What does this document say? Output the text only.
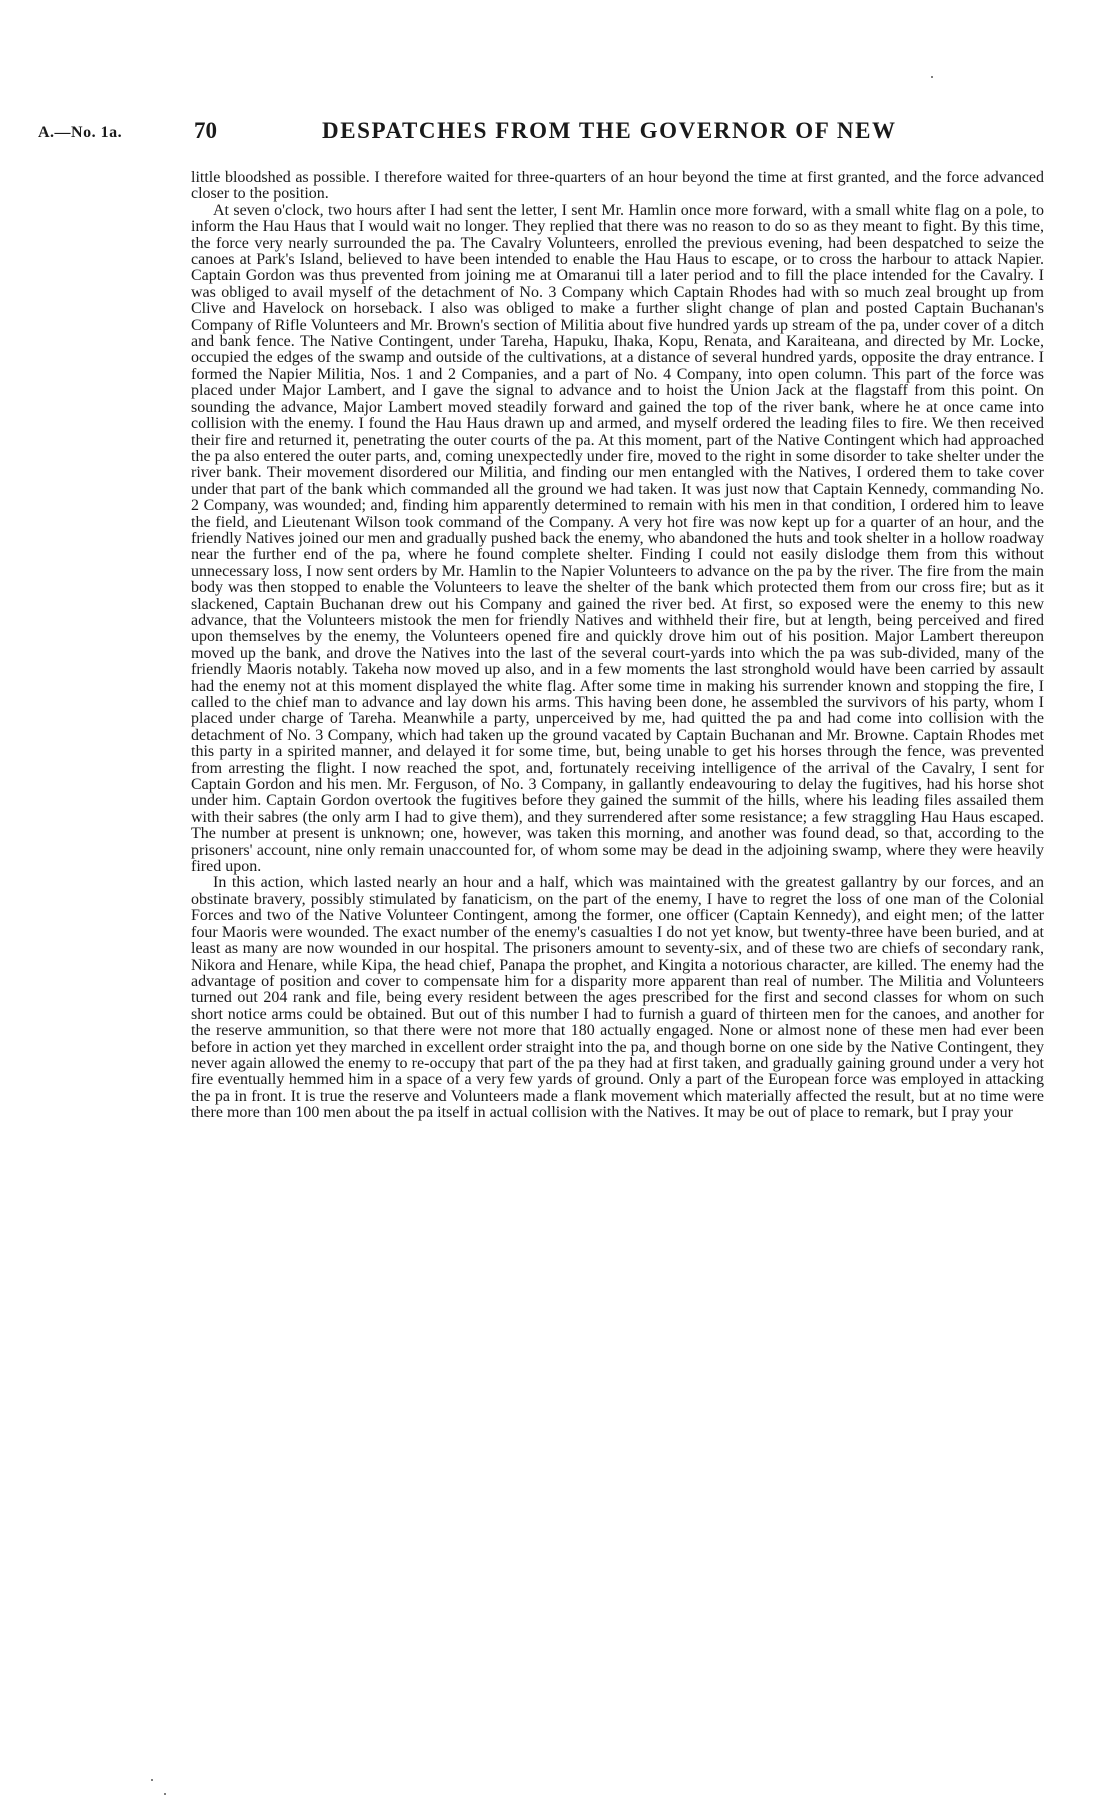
A.—No. 1a.	70	DESPATCHES FROM THE GOVERNOR OF NEW

little bloodshed as possible. I therefore waited for three-quarters of an hour beyond the time at first granted, and the force advanced closer to the position.

At seven o'clock, two hours after I had sent the letter, I sent Mr. Hamlin once more forward, with a small white flag on a pole, to inform the Hau Haus that I would wait no longer. They replied that there was no reason to do so as they meant to fight. By this time, the force very nearly surrounded the pa. The Cavalry Volunteers, enrolled the previous evening, had been despatched to seize the canoes at Park's Island, believed to have been intended to enable the Hau Haus to escape, or to cross the harbour to attack Napier. Captain Gordon was thus prevented from joining me at Omaranui till a later period and to fill the place intended for the Cavalry. I was obliged to avail myself of the detachment of No. 3 Company which Captain Rhodes had with so much zeal brought up from Clive and Havelock on horseback. I also was obliged to make a further slight change of plan and posted Captain Buchanan's Company of Rifle Volunteers and Mr. Brown's section of Militia about five hundred yards up stream of the pa, under cover of a ditch and bank fence. The Native Contingent, under Tareha, Hapuku, Ihaka, Kopu, Renata, and Karaiteana, and directed by Mr. Locke, occupied the edges of the swamp and outside of the cultivations, at a distance of several hundred yards, opposite the dray entrance. I formed the Napier Militia, Nos. 1 and 2 Companies, and a part of No. 4 Company, into open column. This part of the force was placed under Major Lambert, and I gave the signal to advance and to hoist the Union Jack at the flagstaff from this point. On sounding the advance, Major Lambert moved steadily forward and gained the top of the river bank, where he at once came into collision with the enemy. I found the Hau Haus drawn up and armed, and myself ordered the leading files to fire. We then received their fire and returned it, penetrating the outer courts of the pa. At this moment, part of the Native Contingent which had approached the pa also entered the outer parts, and, coming unexpectedly under fire, moved to the right in some disorder to take shelter under the river bank. Their movement disordered our Militia, and finding our men entangled with the Natives, I ordered them to take cover under that part of the bank which commanded all the ground we had taken. It was just now that Captain Kennedy, commanding No. 2 Company, was wounded; and, finding him apparently determined to remain with his men in that condition, I ordered him to leave the field, and Lieutenant Wilson took command of the Company. A very hot fire was now kept up for a quarter of an hour, and the friendly Natives joined our men and gradually pushed back the enemy, who abandoned the huts and took shelter in a hollow roadway near the further end of the pa, where he found complete shelter. Finding I could not easily dislodge them from this without unnecessary loss, I now sent orders by Mr. Hamlin to the Napier Volunteers to advance on the pa by the river. The fire from the main body was then stopped to enable the Volunteers to leave the shelter of the bank which protected them from our cross fire; but as it slackened, Captain Buchanan drew out his Company and gained the river bed. At first, so exposed were the enemy to this new advance, that the Volunteers mistook the men for friendly Natives and withheld their fire, but at length, being perceived and fired upon themselves by the enemy, the Volunteers opened fire and quickly drove him out of his position. Major Lambert thereupon moved up the bank, and drove the Natives into the last of the several court-yards into which the pa was sub-divided, many of the friendly Maoris notably. Takeha now moved up also, and in a few moments the last stronghold would have been carried by assault had the enemy not at this moment displayed the white flag. After some time in making his surrender known and stopping the fire, I called to the chief man to advance and lay down his arms. This having been done, he assembled the survivors of his party, whom I placed under charge of Tareha. Meanwhile a party, unperceived by me, had quitted the pa and had come into collision with the detachment of No. 3 Company, which had taken up the ground vacated by Captain Buchanan and Mr. Browne. Captain Rhodes met this party in a spirited manner, and delayed it for some time, but, being unable to get his horses through the fence, was prevented from arresting the flight. I now reached the spot, and, fortunately receiving intelligence of the arrival of the Cavalry, I sent for Captain Gordon and his men. Mr. Ferguson, of No. 3 Company, in gallantly endeavouring to delay the fugitives, had his horse shot under him. Captain Gordon overtook the fugitives before they gained the summit of the hills, where his leading files assailed them with their sabres (the only arm I had to give them), and they surrendered after some resistance; a few straggling Hau Haus escaped. The number at present is unknown; one, however, was taken this morning, and another was found dead, so that, according to the prisoners' account, nine only remain unaccounted for, of whom some may be dead in the adjoining swamp, where they were heavily fired upon.

In this action, which lasted nearly an hour and a half, which was maintained with the greatest gallantry by our forces, and an obstinate bravery, possibly stimulated by fanaticism, on the part of the enemy, I have to regret the loss of one man of the Colonial Forces and two of the Native Volunteer Contingent, among the former, one officer (Captain Kennedy), and eight men; of the latter four Maoris were wounded. The exact number of the enemy's casualties I do not yet know, but twenty-three have been buried, and at least as many are now wounded in our hospital. The prisoners amount to seventy-six, and of these two are chiefs of secondary rank, Nikora and Henare, while Kipa, the head chief, Panapa the prophet, and Kingita a notorious character, are killed. The enemy had the advantage of position and cover to compensate him for a disparity more apparent than real of number. The Militia and Volunteers turned out 204 rank and file, being every resident between the ages prescribed for the first and second classes for whom on such short notice arms could be obtained. But out of this number I had to furnish a guard of thirteen men for the canoes, and another for the reserve ammunition, so that there were not more that 180 actually engaged. None or almost none of these men had ever been before in action yet they marched in excellent order straight into the pa, and though borne on one side by the Native Contingent, they never again allowed the enemy to re-occupy that part of the pa they had at first taken, and gradually gaining ground under a very hot fire eventually hemmed him in a space of a very few yards of ground. Only a part of the European force was employed in attacking the pa in front. It is true the reserve and Volunteers made a flank movement which materially affected the result, but at no time were there more than 100 men about the pa itself in actual collision with the Natives. It may be out of place to remark, but I pray your
